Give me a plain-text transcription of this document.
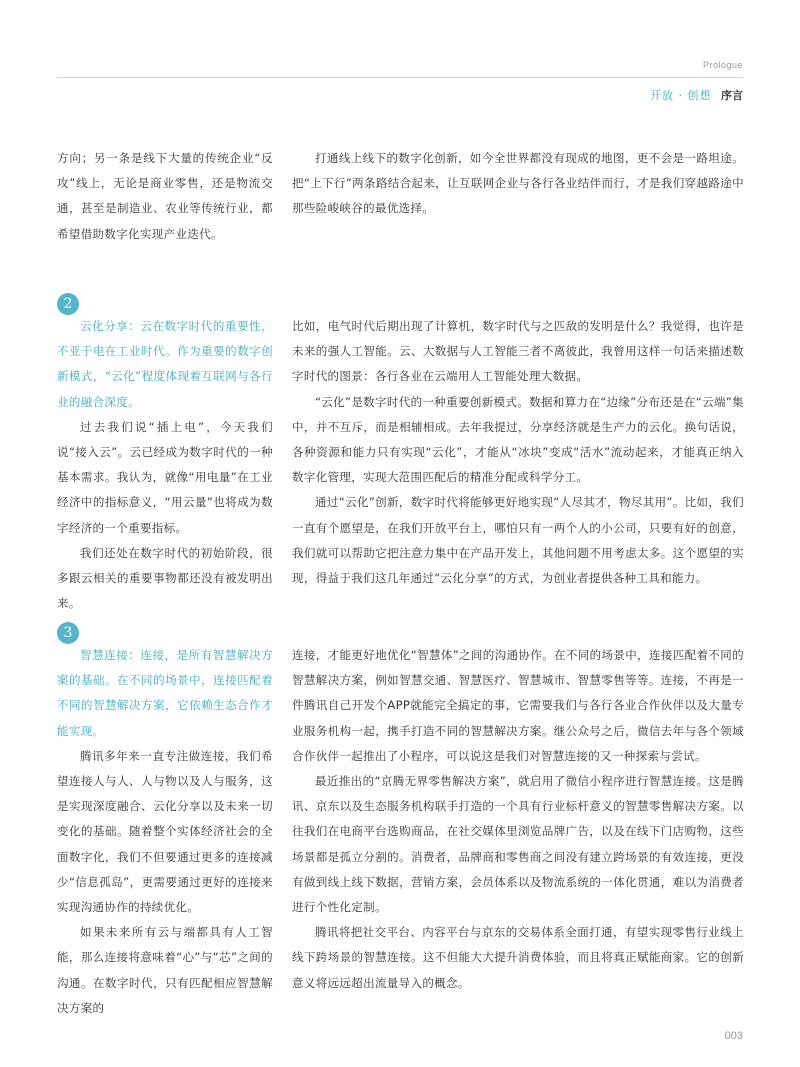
Prologue
开放 · 创想 序言

方向；另一条是线下大量的传统企业“反攻”线上，无论是商业零售，还是物流交通，甚至是制造业、农业等传统行业，都希望借助数字化实现产业迭代。

打通线上线下的数字化创新，如今全世界都没有现成的地图，更不会是一路坦途。把“上下行”两条路结合起来，让互联网企业与各行各业结伴而行，才是我们穿越路途中那些险峻峡谷的最优选择。

2

云化分享：云在数字时代的重要性，不亚于电在工业时代。作为重要的数字创新模式，“云化”程度体现着互联网与各行业的融合深度。

过去我们说“插上电”，今天我们说“接入云”。云已经成为数字时代的一种基本需求。我认为，就像“用电量”在工业经济中的指标意义，“用云量”也将成为数字经济的一个重要指标。

我们还处在数字时代的初始阶段，很多跟云相关的重要事物都还没有被发明出来。

比如，电气时代后期出现了计算机，数字时代与之匹敌的发明是什么？我觉得，也许是未来的强人工智能。云、大数据与人工智能三者不离彼此，我曾用这样一句话来描述数字时代的图景：各行各业在云端用人工智能处理大数据。

“云化”是数字时代的一种重要创新模式。数据和算力在“边缘”分布还是在“云端”集中，并不互斥，而是相辅相成。去年我提过，分享经济就是生产力的云化。换句话说，各种资源和能力只有实现“云化”，才能从“冰块”变成“活水”流动起来，才能真正纳入数字化管理，实现大范围匹配后的精准分配或科学分工。

通过“云化”创新，数字时代将能够更好地实现“人尽其才，物尽其用”。比如，我们一直有个愿望是，在我们开放平台上，哪怕只有一两个人的小公司，只要有好的创意，我们就可以帮助它把注意力集中在产品开发上，其他问题不用考虑太多。这个愿望的实现，得益于我们这几年通过“云化分享”的方式，为创业者提供各种工具和能力。

3

智慧连接：连接，是所有智慧解决方案的基础。在不同的场景中，连接匹配着不同的智慧解决方案，它依赖生态合作才能实现。

腾讯多年来一直专注做连接，我们希望连接人与人、人与物以及人与服务，这是实现深度融合、云化分享以及未来一切变化的基础。随着整个实体经济社会的全面数字化，我们不但要通过更多的连接减少“信息孤岛”，更需要通过更好的连接来实现沟通协作的持续优化。

如果未来所有云与端都具有人工智能，那么连接将意味着“心”与“芯”之间的沟通。在数字时代，只有匹配相应智慧解决方案的

连接，才能更好地优化“智慧体”之间的沟通协作。在不同的场景中，连接匹配着不同的智慧解决方案，例如智慧交通、智慧医疗、智慧城市、智慧零售等等。连接，不再是一件腾讯自己开发个APP就能完全搞定的事，它需要我们与各行各业合作伙伴以及大量专业服务机构一起，携手打造不同的智慧解决方案。继公众号之后，微信去年与各个领域合作伙伴一起推出了小程序，可以说这是我们对智慧连接的又一种探索与尝试。

最近推出的“京腾无界零售解决方案”，就启用了微信小程序进行智慧连接。这是腾讯、京东以及生态服务机构联手打造的一个具有行业标杆意义的智慧零售解决方案。以往我们在电商平台选购商品，在社交媒体里浏览品牌广告，以及在线下门店购物，这些场景都是孤立分割的。消费者，品牌商和零售商之间没有建立跨场景的有效连接，更没有做到线上线下数据，营销方案，会员体系以及物流系统的一体化贯通，难以为消费者进行个性化定制。

腾讯将把社交平台、内容平台与京东的交易体系全面打通，有望实现零售行业线上线下跨场景的智慧连接。这不但能大大提升消费体验，而且将真正赋能商家。它的创新意义将远远超出流量导入的概念。

003
